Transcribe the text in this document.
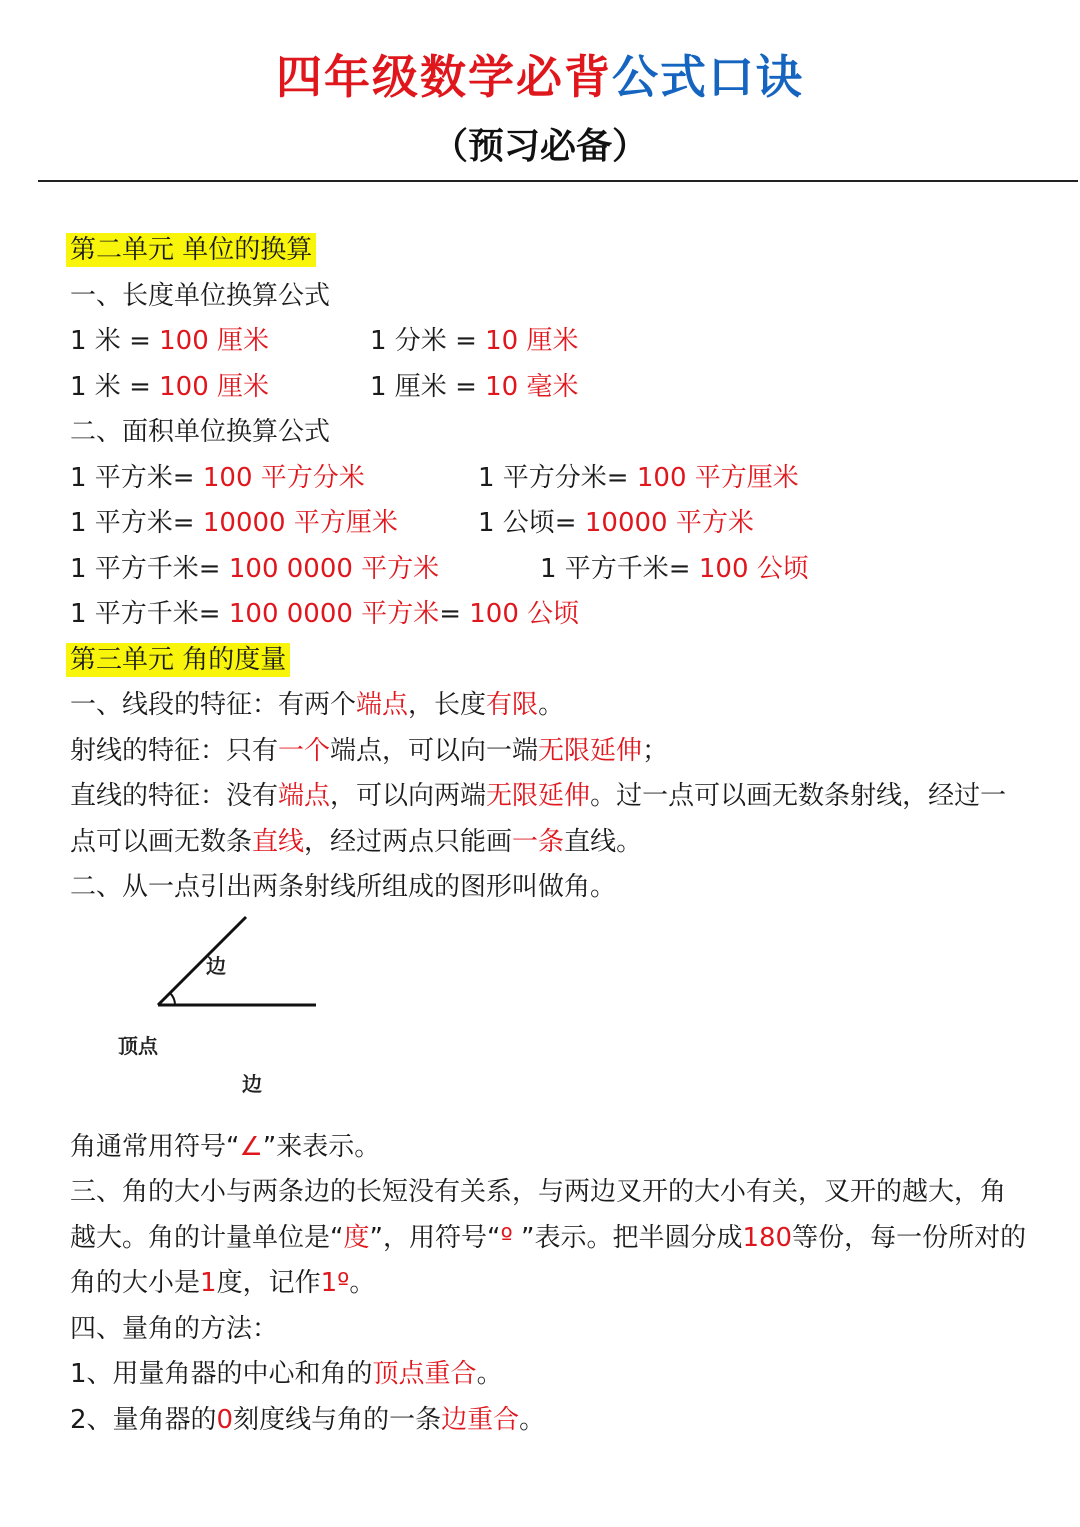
四年级数学必背公式口诀
（预习必备）
第二单元 单位的换算
一、长度单位换算公式
1 米 = 100 厘米	1 分米 = 10 厘米
1 米 = 100 厘米	1 厘米 = 10 毫米
二、面积单位换算公式
1 平方米= 100 平方分米	1 平方分米= 100 平方厘米
1 平方米= 10000 平方厘米	1 公顷= 10000 平方米
1 平方千米= 100 0000 平方米	1 平方千米= 100 公顷
1 平方千米= 100 0000 平方米= 100 公顷
第三单元 角的度量
一、线段的特征：有两个端点，长度有限。
射线的特征：只有一个端点，可以向一端无限延伸；
直线的特征：没有端点，可以向两端无限延伸。过一点可以画无数条射线，经过一点可以画无数条直线，经过两点只能画一条直线。
二、从一点引出两条射线所组成的图形叫做角。
边
顶点
边
角通常用符号“∠”来表示。
三、角的大小与两条边的长短没有关系，与两边叉开的大小有关，叉开的越大，角越大。角的计量单位是“度”，用符号“º ”表示。把半圆分成180等份，每一份所对的角的大小是1度，记作1º。
四、量角的方法：
1、用量角器的中心和角的顶点重合。
2、量角器的0刻度线与角的一条边重合。
